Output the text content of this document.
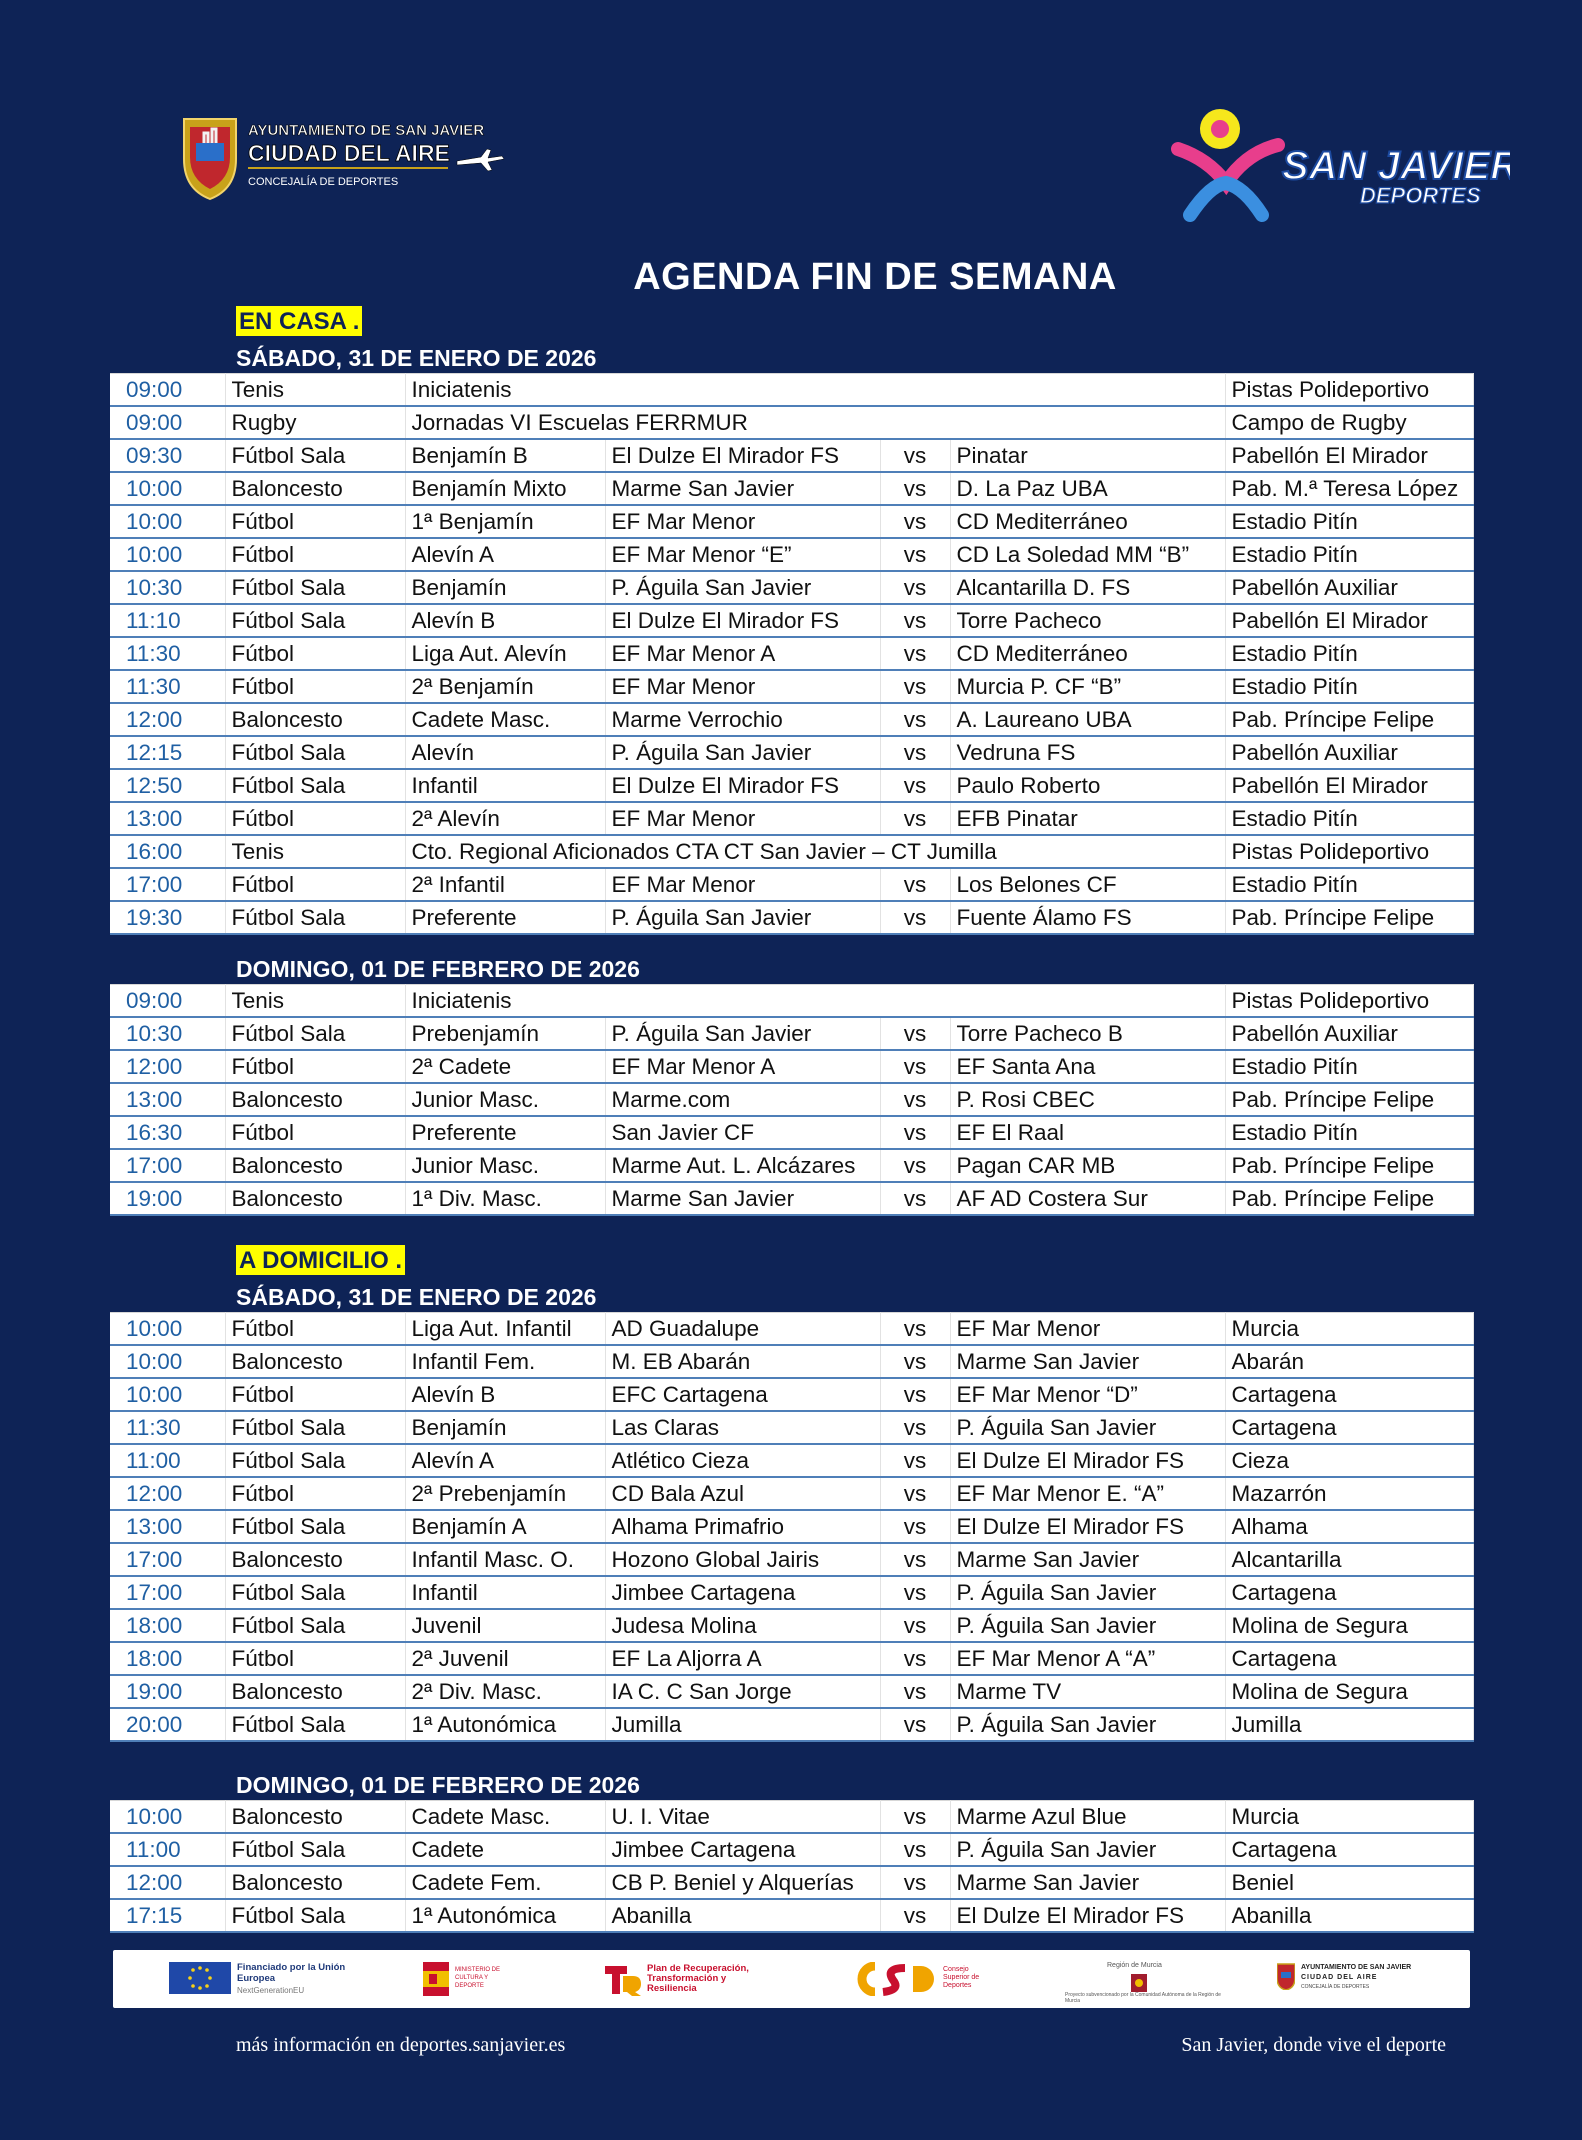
AYUNTAMIENTO DE SAN JAVIER
CIUDAD DEL AIRE
CONCEJALÍA DE DEPORTES	SAN JAVIER
DEPORTES
AGENDA FIN DE SEMANA
EN CASA .
SÁBADO, 31 DE ENERO DE 2026
09:00	Tenis	Iniciatenis				Pistas Polideportivo
09:00	Rugby	Jornadas VI Escuelas FERRMUR				Campo de Rugby
09:30	Fútbol Sala	Benjamín B	El Dulze El Mirador FS	vs	Pinatar	Pabellón El Mirador
10:00	Baloncesto	Benjamín Mixto	Marme San Javier	vs	D. La Paz UBA	Pab. M.ª Teresa López
10:00	Fútbol	1ª Benjamín	EF Mar Menor	vs	CD Mediterráneo	Estadio Pitín
10:00	Fútbol	Alevín A	EF Mar Menor “E”	vs	CD La Soledad MM “B”	Estadio Pitín
10:30	Fútbol Sala	Benjamín	P. Águila San Javier	vs	Alcantarilla D. FS	Pabellón Auxiliar
11:10	Fútbol Sala	Alevín B	El Dulze El Mirador FS	vs	Torre Pacheco	Pabellón El Mirador
11:30	Fútbol	Liga Aut. Alevín	EF Mar Menor A	vs	CD Mediterráneo	Estadio Pitín
11:30	Fútbol	2ª Benjamín	EF Mar Menor	vs	Murcia P. CF “B”	Estadio Pitín
12:00	Baloncesto	Cadete Masc.	Marme Verrochio	vs	A. Laureano UBA	Pab. Príncipe Felipe
12:15	Fútbol Sala	Alevín	P. Águila San Javier	vs	Vedruna FS	Pabellón Auxiliar
12:50	Fútbol Sala	Infantil	El Dulze El Mirador FS	vs	Paulo Roberto	Pabellón El Mirador
13:00	Fútbol	2ª Alevín	EF Mar Menor	vs	EFB Pinatar	Estadio Pitín
16:00	Tenis	Cto. Regional Aficionados CTA CT San Javier – CT Jumilla				Pistas Polideportivo
17:00	Fútbol	2ª Infantil	EF Mar Menor	vs	Los Belones CF	Estadio Pitín
19:30	Fútbol Sala	Preferente	P. Águila San Javier	vs	Fuente Álamo FS	Pab. Príncipe Felipe
DOMINGO, 01 DE FEBRERO DE 2026
09:00	Tenis	Iniciatenis				Pistas Polideportivo
10:30	Fútbol Sala	Prebenjamín	P. Águila San Javier	vs	Torre Pacheco B	Pabellón Auxiliar
12:00	Fútbol	2ª Cadete	EF Mar Menor A	vs	EF Santa Ana	Estadio Pitín
13:00	Baloncesto	Junior Masc.	Marme.com	vs	P. Rosi CBEC	Pab. Príncipe Felipe
16:30	Fútbol	Preferente	San Javier CF	vs	EF El Raal	Estadio Pitín
17:00	Baloncesto	Junior Masc.	Marme Aut. L. Alcázares	vs	Pagan CAR MB	Pab. Príncipe Felipe
19:00	Baloncesto	1ª Div. Masc.	Marme San Javier	vs	AF AD Costera Sur	Pab. Príncipe Felipe
A DOMICILIO .
SÁBADO, 31 DE ENERO DE 2026
10:00	Fútbol	Liga Aut. Infantil	AD Guadalupe	vs	EF Mar Menor	Murcia
10:00	Baloncesto	Infantil Fem.	M. EB Abarán	vs	Marme San Javier	Abarán
10:00	Fútbol	Alevín B	EFC Cartagena	vs	EF Mar Menor “D”	Cartagena
11:30	Fútbol Sala	Benjamín	Las Claras	vs	P. Águila San Javier	Cartagena
11:00	Fútbol Sala	Alevín A	Atlético Cieza	vs	El Dulze El Mirador FS	Cieza
12:00	Fútbol	2ª Prebenjamín	CD Bala Azul	vs	EF Mar Menor E. “A”	Mazarrón
13:00	Fútbol Sala	Benjamín A	Alhama Primafrio	vs	El Dulze El Mirador FS	Alhama
17:00	Baloncesto	Infantil Masc. O.	Hozono Global Jairis	vs	Marme San Javier	Alcantarilla
17:00	Fútbol Sala	Infantil	Jimbee Cartagena	vs	P. Águila San Javier	Cartagena
18:00	Fútbol Sala	Juvenil	Judesa Molina	vs	P. Águila San Javier	Molina de Segura
18:00	Fútbol	2ª Juvenil	EF La Aljorra A	vs	EF Mar Menor A “A”	Cartagena
19:00	Baloncesto	2ª Div. Masc.	IA C. C San Jorge	vs	Marme TV	Molina de Segura
20:00	Fútbol Sala	1ª Autonómica	Jumilla	vs	P. Águila San Javier	Jumilla
DOMINGO, 01 DE FEBRERO DE 2026
10:00	Baloncesto	Cadete Masc.	U. I. Vitae	vs	Marme Azul Blue	Murcia
11:00	Fútbol Sala	Cadete	Jimbee Cartagena	vs	P. Águila San Javier	Cartagena
12:00	Baloncesto	Cadete Fem.	CB P. Beniel y Alquerías	vs	Marme San Javier	Beniel
17:15	Fútbol Sala	1ª Autonómica	Abanilla	vs	El Dulze El Mirador FS	Abanilla
Financiado por la Unión Europea
NextGenerationEU
MINISTERIO DE CULTURA Y DEPORTE
Plan de Recuperación, Transformación y Resiliencia
Consejo Superior de Deportes
Región de Murcia
Proyecto subvencionado por la Comunidad Autónoma de la Región de Murcia
AYUNTAMIENTO DE SAN JAVIER
CIUDAD DEL AIRE
CONCEJALÍA DE DEPORTES
más información en deportes.sanjavier.es	San Javier, donde vive el deporte
